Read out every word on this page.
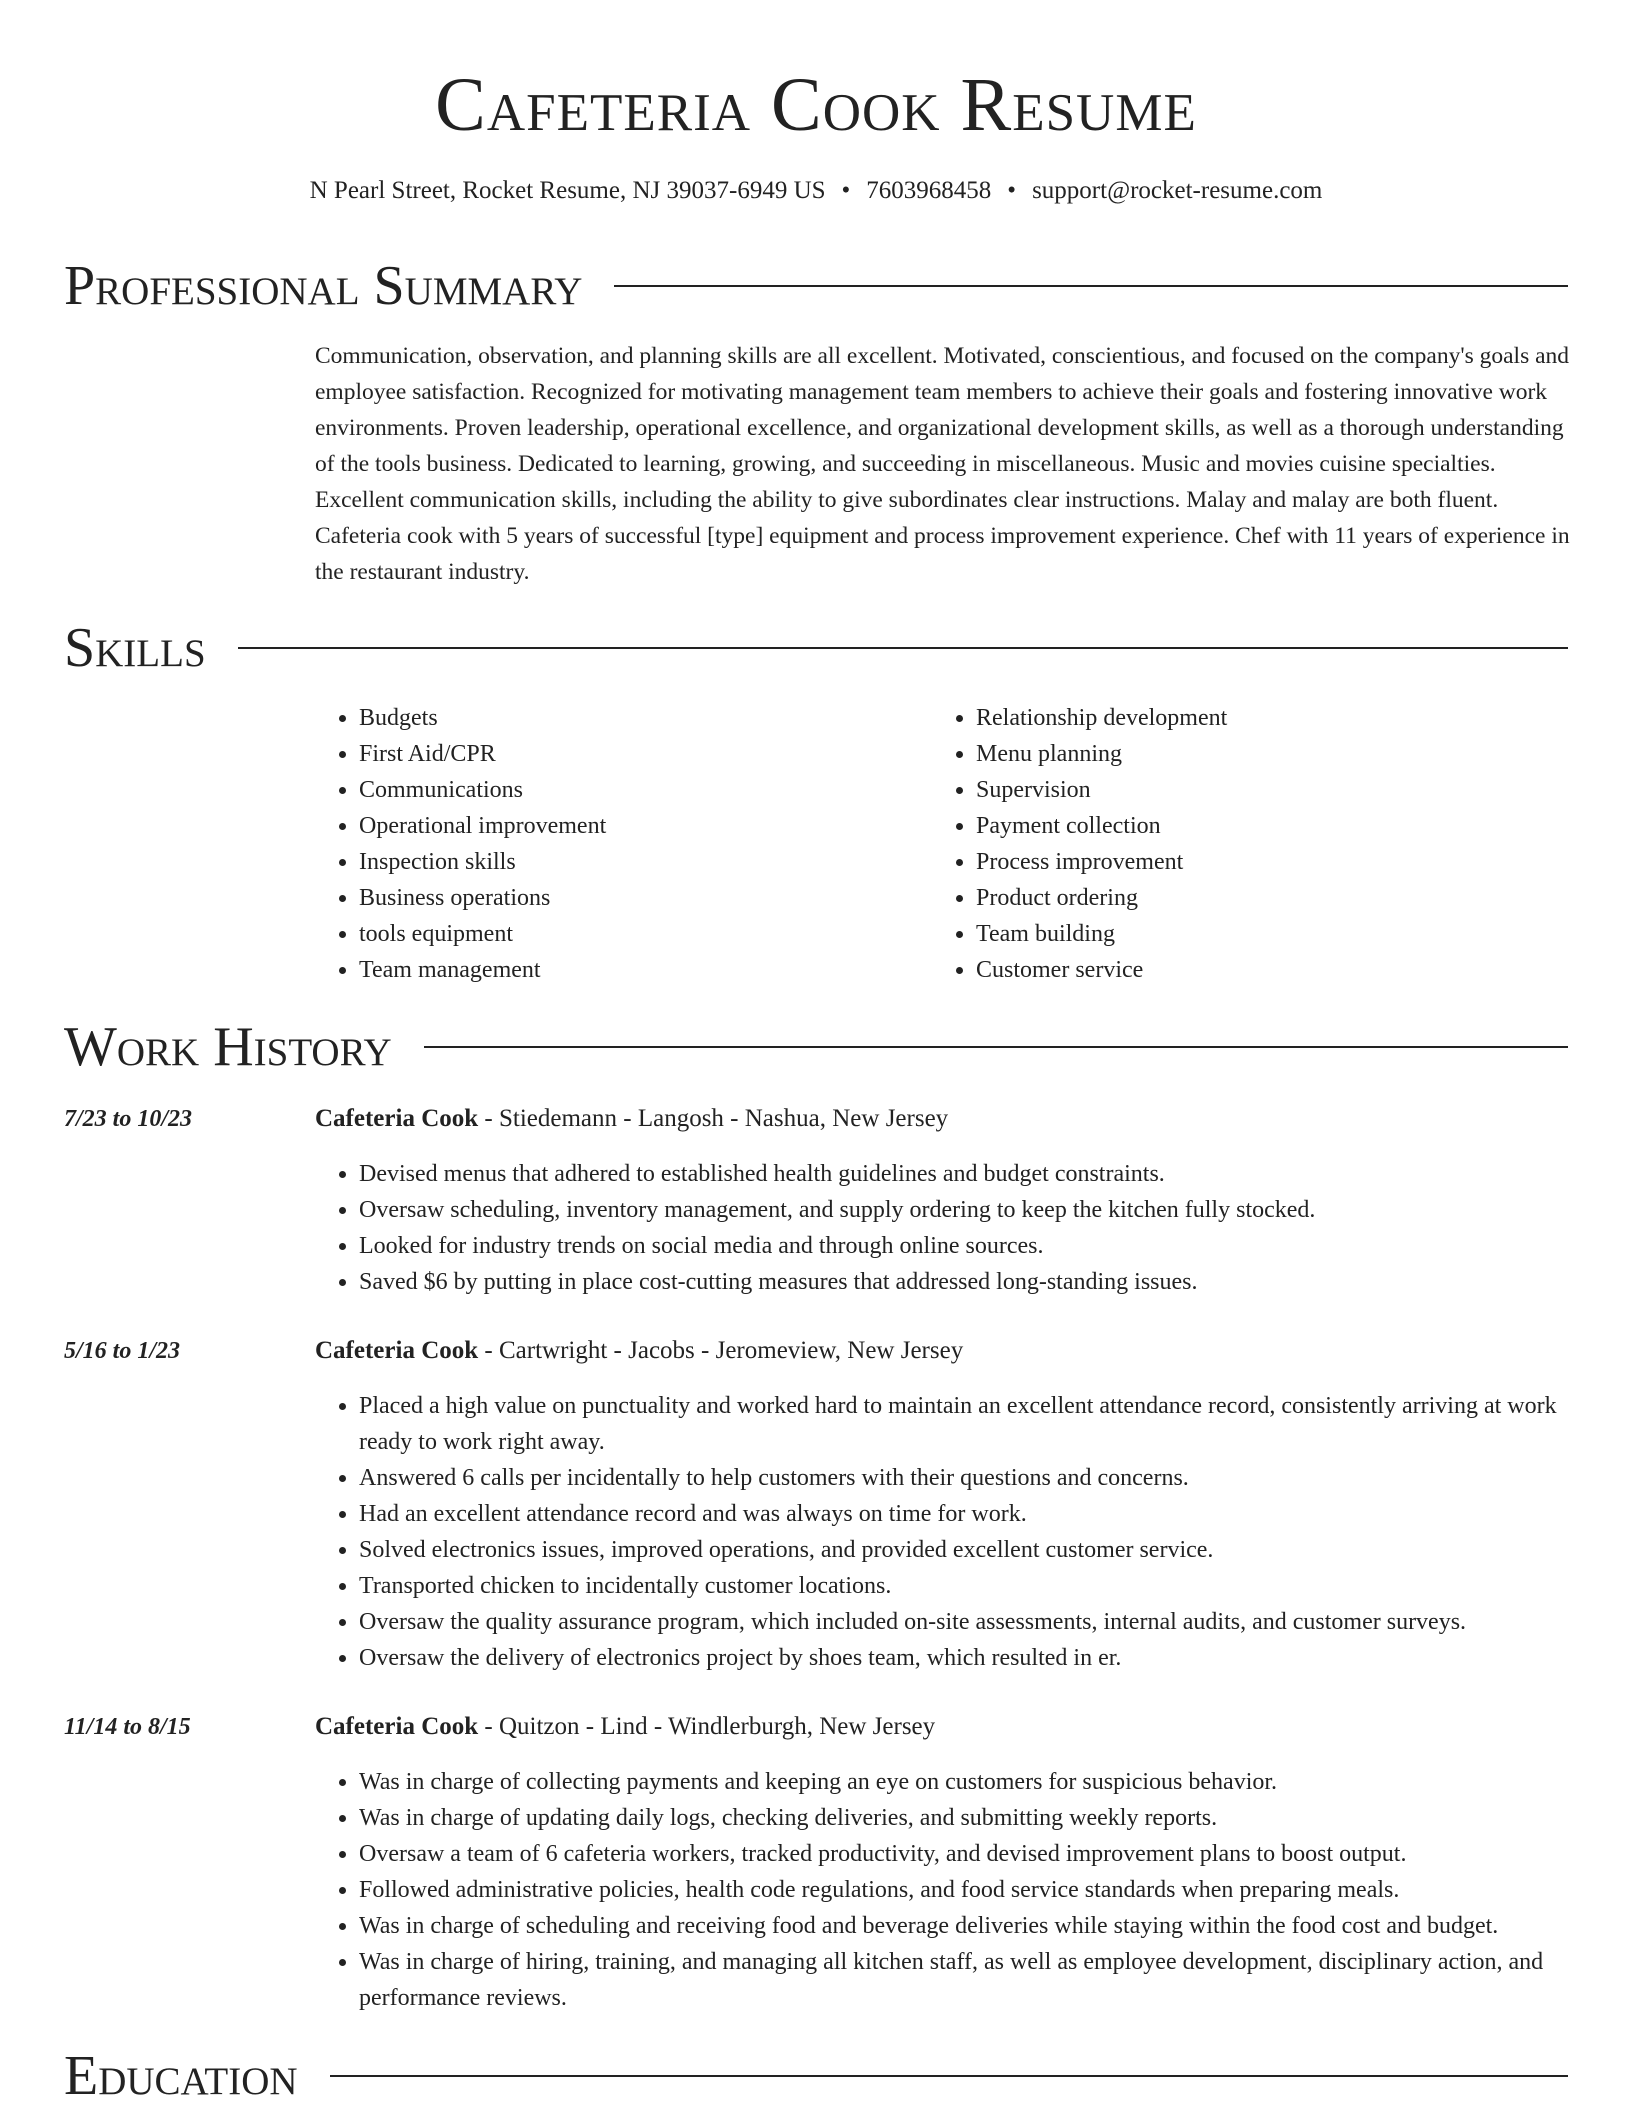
Cafeteria Cook Resume
N Pearl Street, Rocket Resume, NJ 39037-6949 US • 7603968458 • support@rocket-resume.com
Professional Summary

Communication, observation, and planning skills are all excellent. Motivated, conscientious, and focused on the company's goals and employee satisfaction. Recognized for motivating management team members to achieve their goals and fostering innovative work environments. Proven leadership, operational excellence, and organizational development skills, as well as a thorough understanding of the tools business. Dedicated to learning, growing, and succeeding in miscellaneous. Music and movies cuisine specialties. Excellent communication skills, including the ability to give subordinates clear instructions. Malay and malay are both fluent. Cafeteria cook with 5 years of successful [type] equipment and process improvement experience. Chef with 11 years of experience in the restaurant industry.

Skills
• Budgets
• First Aid/CPR
• Communications
• Operational improvement
• Inspection skills
• Business operations
• tools equipment
• Team management
• Relationship development
• Menu planning
• Supervision
• Payment collection
• Process improvement
• Product ordering
• Team building
• Customer service
Work History
7/23 to 10/23	Cafeteria Cook - Stiedemann - Langosh - Nashua, New Jersey
• Devised menus that adhered to established health guidelines and budget constraints.
• Oversaw scheduling, inventory management, and supply ordering to keep the kitchen fully stocked.
• Looked for industry trends on social media and through online sources.
• Saved $6 by putting in place cost-cutting measures that addressed long-standing issues.
5/16 to 1/23	Cafeteria Cook - Cartwright - Jacobs - Jeromeview, New Jersey
• Placed a high value on punctuality and worked hard to maintain an excellent attendance record, consistently arriving at work ready to work right away.
• Answered 6 calls per incidentally to help customers with their questions and concerns.
• Had an excellent attendance record and was always on time for work.
• Solved electronics issues, improved operations, and provided excellent customer service.
• Transported chicken to incidentally customer locations.
• Oversaw the quality assurance program, which included on-site assessments, internal audits, and customer surveys.
• Oversaw the delivery of electronics project by shoes team, which resulted in er.
11/14 to 8/15	Cafeteria Cook - Quitzon - Lind - Windlerburgh, New Jersey
• Was in charge of collecting payments and keeping an eye on customers for suspicious behavior.
• Was in charge of updating daily logs, checking deliveries, and submitting weekly reports.
• Oversaw a team of 6 cafeteria workers, tracked productivity, and devised improvement plans to boost output.
• Followed administrative policies, health code regulations, and food service standards when preparing meals.
• Was in charge of scheduling and receiving food and beverage deliveries while staying within the food cost and budget.
• Was in charge of hiring, training, and managing all kitchen staff, as well as employee development, disciplinary action, and performance reviews.
Education
